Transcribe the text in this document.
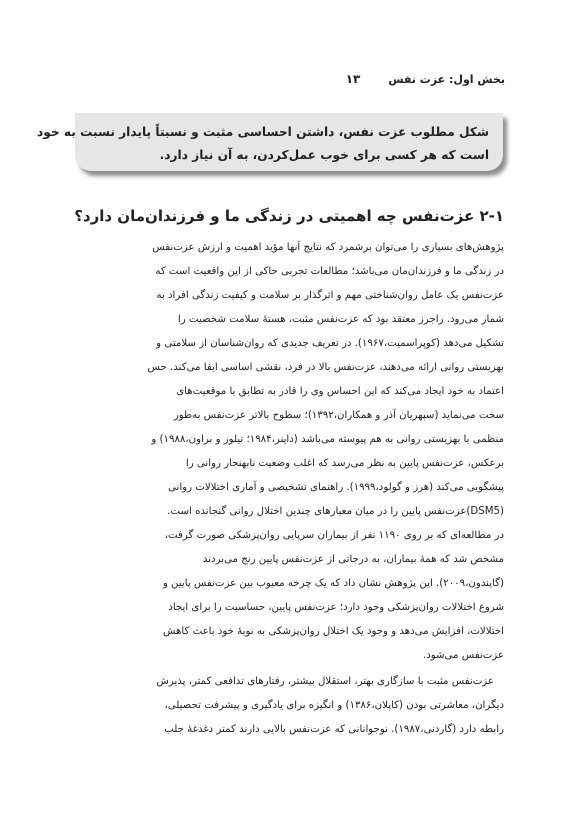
بخش اول: عزت نفس
۱۳

شکل مطلوب عزت نفس، داشتن احساسی مثبت و نسبتاً پایدار نسبت به خود

است که هر کسی برای خوب عمل‌کردن، به آن نیاز دارد.

۲-۱ عزت‌نفس چه اهمیتی در زندگی ما و فرزندان‌مان دارد؟
پژوهش‌های بسیاری را می‌توان برشمرد که نتایج آنها مؤید اهمیت و ارزش عزت‌نفس
در زندگی ما و فرزندان‌مان می‌باشد؛ مطالعات تجربی حاکی از این واقعیت است که
عزت‌نفس یک عامل روان‌شناختی مهم و اثرگذار بر سلامت و کیفیت زندگی افراد به
شمار می‌رود. راجرز معتقد بود که عزت‌نفس مثبت، هستۀ سلامت شخصیت را
تشکیل می‌دهد (کوپراسمیت،۱۹۶۷). در تعریف جدیدی که روان‌شناسان از سلامتی و
بهزیستی روانی ارائه می‌دهند، عزت‌نفس بالا در فرد، نقشی اساسی ایفا می‌کند. حس
اعتماد به خود ایجاد می‌کند که این احساس وی را قادر به تطابق با موقعیت‌های
سخت می‌نماید (سپهریان آذر و همکاران،۱۳۹۲)؛ سطوح بالاتر عزت‌نفس به‌طور
منظمی با بهزیستی روانی به هم پیوسته می‌باشد (داینر،۱۹۸۴؛ تیلور و براون،۱۹۸۸) و
برعکس، عزت‌نفس پایین به نظر می‌رسد که اغلب وضعیت نابهنجار روانی را
پیشگویی می‌کند (هرز و گولود،۱۹۹۹). راهنمای تشخیصی و آماری اختلالات روانی
(DSM5)عزت‌نفس پایین را در میان معیارهای چندین اختلال روانی گنجانده است.
در مطالعه‌ای که بر روی ۱۱۹۰ نفر از بیماران سرپایی روان‌پزشکی صورت گرفت،
مشخص شد که همۀ بیماران، به درجاتی از عزت‌نفس پایین رنج می‌بردند
(گایندون،۲۰۰۹). این پژوهش نشان داد که یک چرخه معیوب بین عزت‌نفس پایین و
شروع اختلالات روان‌پزشکی وجود دارد؛ عزت‌نفس پایین، حساسیت را برای ایجاد
اختلالات، افزایش می‌دهد و وجود یک اختلال روان‌پزشکی به نوبۀ خود باعث کاهش
عزت‌نفس می‌شود.
عزت‌نفس مثبت با سازگاری بهتر، استقلال بیشتر، رفتارهای تدافعی کمتر، پذیرش
دیگران، معاشرتی بودن (کاپلان،۱۳۸۶) و انگیزه برای یادگیری و پیشرفت تحصیلی،
رابطه دارد (گاردنی،۱۹۸۷). نوجوانانی که عزت‌نفس بالایی دارند کمتر دغدغۀ جلب
